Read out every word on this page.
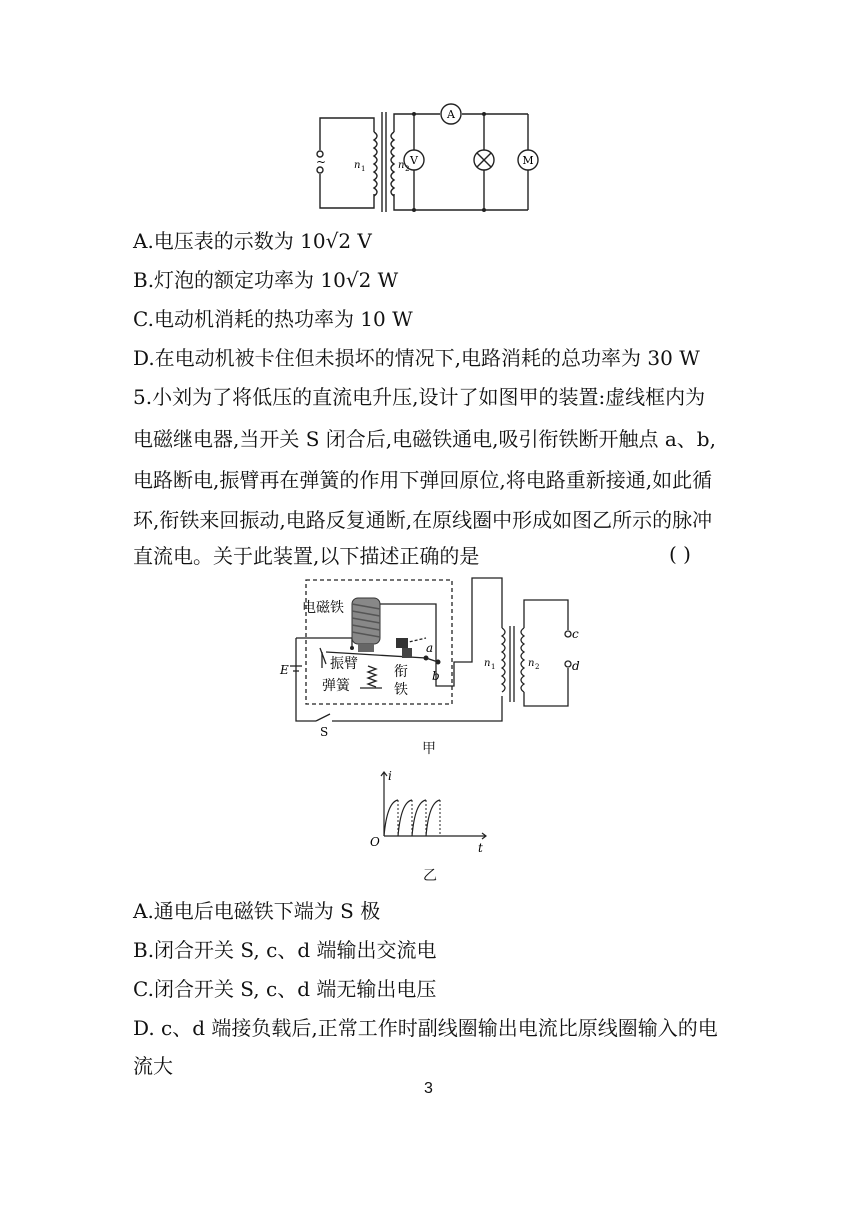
A
V	M
~	n 1	n 2
A.电压表的示数为 10√2 V
B.灯泡的额定功率为 10√2 W
C.电动机消耗的热功率为 10 W
D.在电动机被卡住但未损坏的情况下,电路消耗的总功率为 30 W
5.小刘为了将低压的直流电升压,设计了如图甲的装置:虚线框内为
电磁继电器,当开关 S 闭合后,电磁铁通电,吸引衔铁断开触点 a、b,
电路断电,振臂再在弹簧的作用下弹回原位,将电路重新接通,如此循
环,衔铁来回振动,电路反复通断,在原线圈中形成如图乙所示的脉冲
直流电。关于此装置,以下描述正确的是	( )
电磁铁
振臂
弹簧
衔
铁
a
b
E
S
c
d
n 1	n 2
甲
i
t
O
乙
A.通电后电磁铁下端为 S 极
B.闭合开关 S, c、d 端输出交流电
C.闭合开关 S, c、d 端无输出电压
D. c、d 端接负载后,正常工作时副线圈输出电流比原线圈输入的电
流大
3
